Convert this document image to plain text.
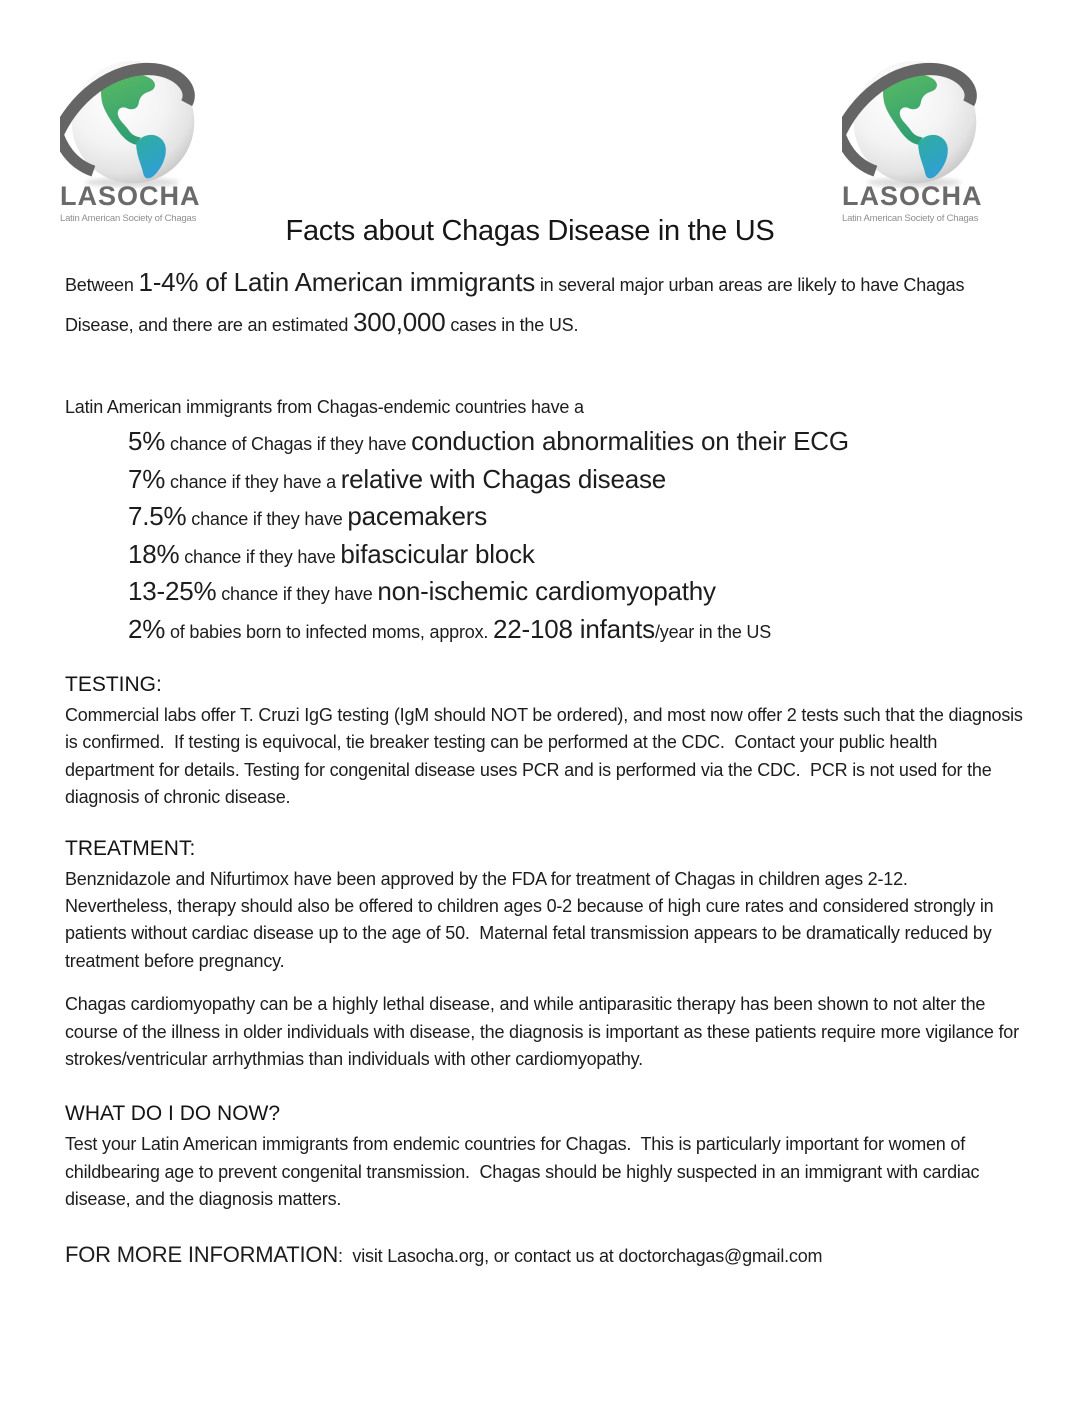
LASOCHA
Latin American Society of Chagas
LASOCHA
Latin American Society of Chagas
Facts about Chagas Disease in the US

Between 1-4% of Latin American immigrants in several major urban areas are likely to have Chagas Disease, and there are an estimated 300,000 cases in the US.

Latin American immigrants from Chagas-endemic countries have a

5% chance of Chagas if they have conduction abnormalities on their ECG
7% chance if they have a relative with Chagas disease
7.5% chance if they have pacemakers
18% chance if they have bifascicular block
13-25% chance if they have non-ischemic cardiomyopathy
2% of babies born to infected moms, approx. 22-108 infants/year in the US
TESTING:

Commercial labs offer T. Cruzi IgG testing (IgM should NOT be ordered), and most now offer 2 tests such that the diagnosis is confirmed.  If testing is equivocal, tie breaker testing can be performed at the CDC.  Contact your public health department for details. Testing for congenital disease uses PCR and is performed via the CDC.  PCR is not used for the diagnosis of chronic disease.

TREATMENT:

Benznidazole and Nifurtimox have been approved by the FDA for treatment of Chagas in children ages 2-12.  Nevertheless, therapy should also be offered to children ages 0-2 because of high cure rates and considered strongly in patients without cardiac disease up to the age of 50.  Maternal fetal transmission appears to be dramatically reduced by treatment before pregnancy.

Chagas cardiomyopathy can be a highly lethal disease, and while antiparasitic therapy has been shown to not alter the course of the illness in older individuals with disease, the diagnosis is important as these patients require more vigilance for strokes/ventricular arrhythmias than individuals with other cardiomyopathy.

WHAT DO I DO NOW?

Test your Latin American immigrants from endemic countries for Chagas.  This is particularly important for women of childbearing age to prevent congenital transmission.  Chagas should be highly suspected in an immigrant with cardiac disease, and the diagnosis matters.

FOR MORE INFORMATION:  visit Lasocha.org, or contact us at doctorchagas@gmail.com
